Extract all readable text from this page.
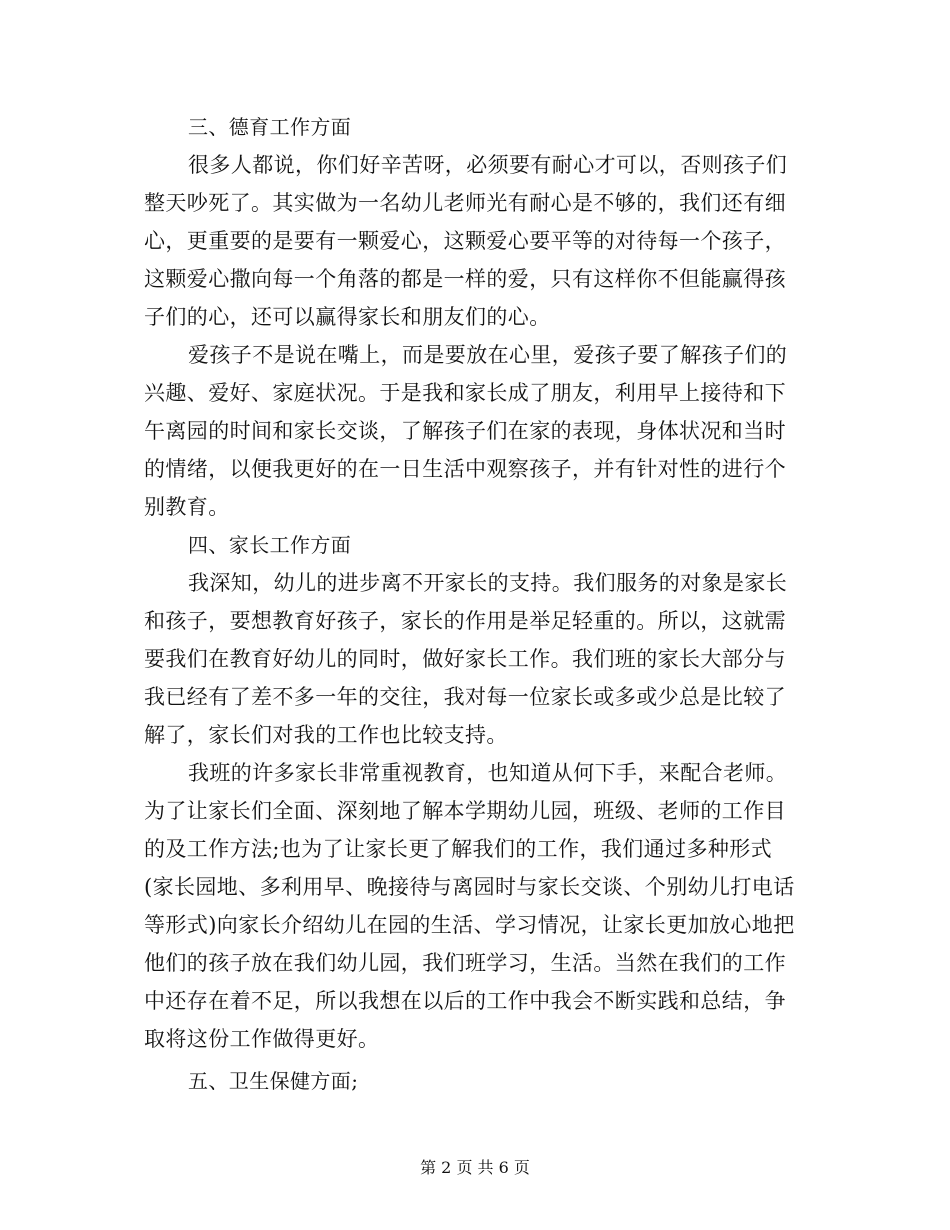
三、德育工作方面
很多人都说，你们好辛苦呀，必须要有耐心才可以，否则孩子们
整天吵死了。其实做为一名幼儿老师光有耐心是不够的，我们还有细
心，更重要的是要有一颗爱心，这颗爱心要平等的对待每一个孩子，
这颗爱心撒向每一个角落的都是一样的爱，只有这样你不但能赢得孩
子们的心，还可以赢得家长和朋友们的心。
爱孩子不是说在嘴上，而是要放在心里，爱孩子要了解孩子们的
兴趣、爱好、家庭状况。于是我和家长成了朋友，利用早上接待和下
午离园的时间和家长交谈，了解孩子们在家的表现，身体状况和当时
的情绪，以便我更好的在一日生活中观察孩子，并有针对性的进行个
别教育。
四、家长工作方面
我深知，幼儿的进步离不开家长的支持。我们服务的对象是家长
和孩子，要想教育好孩子，家长的作用是举足轻重的。所以，这就需
要我们在教育好幼儿的同时，做好家长工作。我们班的家长大部分与
我已经有了差不多一年的交往，我对每一位家长或多或少总是比较了
解了，家长们对我的工作也比较支持。
我班的许多家长非常重视教育，也知道从何下手，来配合老师。
为了让家长们全面、深刻地了解本学期幼儿园，班级、老师的工作目
的及工作方法;也为了让家长更了解我们的工作，我们通过多种形式
(家长园地、多利用早、晚接待与离园时与家长交谈、个别幼儿打电话
等形式)向家长介绍幼儿在园的生活、学习情况，让家长更加放心地把
他们的孩子放在我们幼儿园，我们班学习，生活。当然在我们的工作
中还存在着不足，所以我想在以后的工作中我会不断实践和总结，争
取将这份工作做得更好。
五、卫生保健方面;
第 2 页 共 6 页
